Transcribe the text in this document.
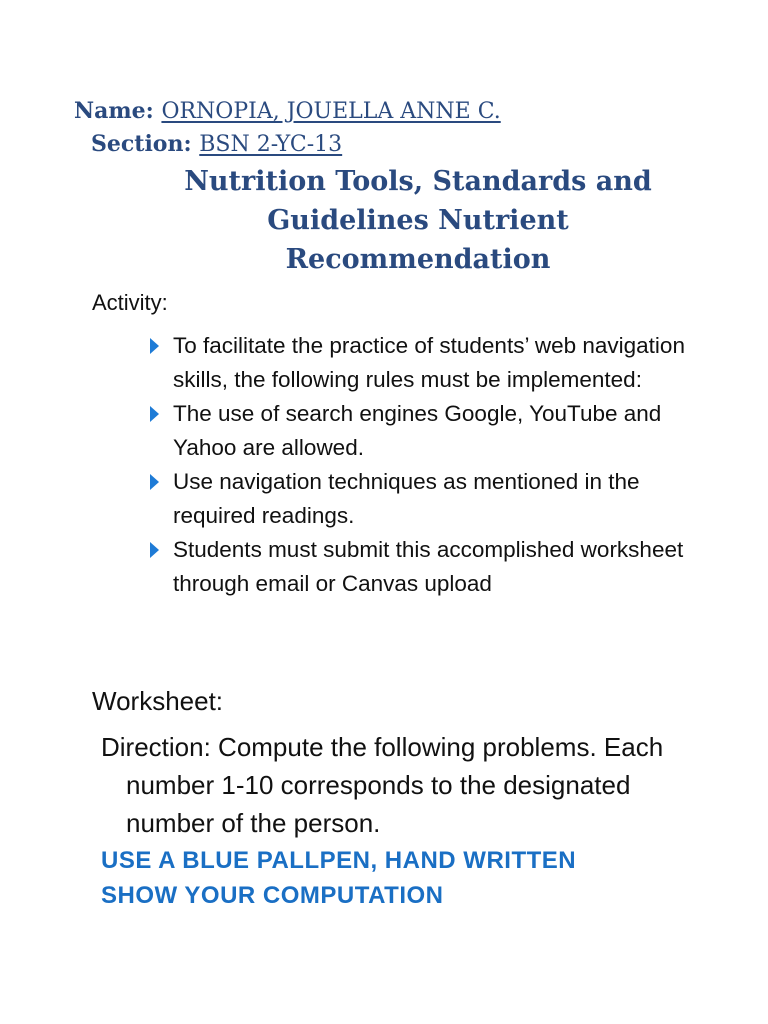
Name: ORNOPIA, JOUELLA ANNE C.
Section: BSN 2-YC-13
Nutrition Tools, Standards and
Guidelines Nutrient
Recommendation
Activity:
To facilitate the practice of students’ web navigation skills, the following rules must be implemented:
The use of search engines Google, YouTube and Yahoo are allowed.
Use navigation techniques as mentioned in the required readings.
Students must submit this accomplished worksheet through email or Canvas upload
Worksheet:
Direction: Compute the following problems. Each number 1-10 corresponds to the designated number of the person.
USE A BLUE PALLPEN, HAND WRITTEN
SHOW YOUR COMPUTATION
